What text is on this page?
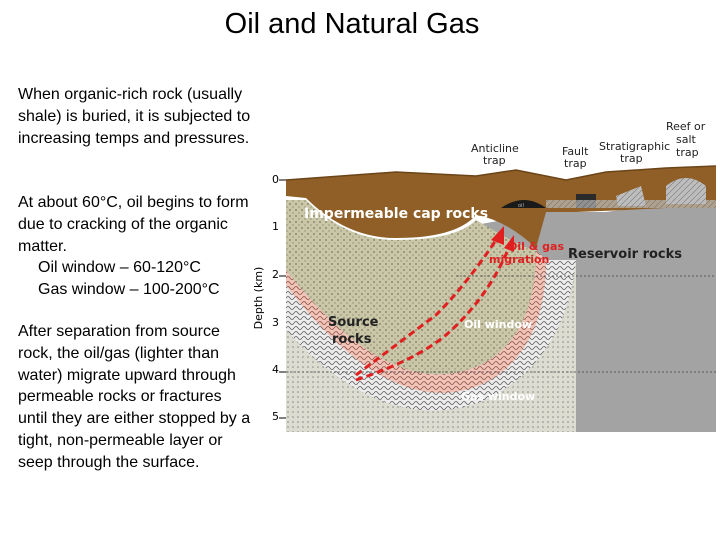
Oil and Natural Gas

When organic-rich rock (usually shale) is buried, it is subjected to increasing temps and pressures.

At about 60°C, oil begins to form due to cracking of the organic matter.

Oil window – 60-120°C
Gas window – 100-200°C

After separation from source rock, the oil/gas (lighter than water) migrate upward through permeable rocks or fractures until they are either stopped by a tight, non-permeable layer or seep through the surface.

Depth (km)
0
1
2
3
4
5
oil
Anticline
trap
Fault
trap
Stratigraphic
trap
Reef or
salt
trap
Impermeable cap rocks
Oil & gas
migration Reservoir rocks
Source
rocks
Oil window
Gas window
